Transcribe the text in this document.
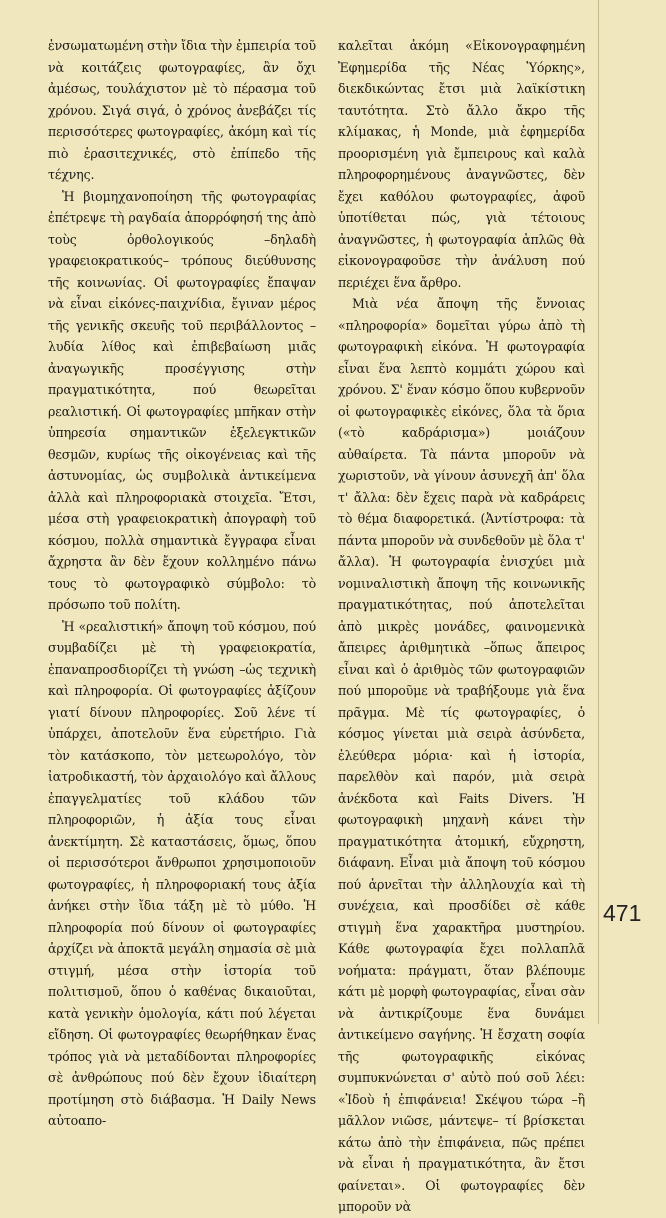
ἐνσωματωμένη στὴν ἴδια τὴν ἐμπειρία τοῦ νὰ κοιτάζεις φωτογραφίες, ἂν ὄχι ἀμέσως, τουλάχιστον μὲ τὸ πέρασμα τοῦ χρόνου. Σιγά σιγά, ὁ χρόνος ἀνεβάζει τίς περισσότερες φωτογραφίες, ἀκόμη καὶ τίς πιὸ ἐρασιτεχνικές, στὸ ἐπίπεδο τῆς τέχνης.

Ἡ βιομηχανοποίηση τῆς φωτογραφίας ἐπέτρεψε τὴ ραγδαία ἀπορρόφησή της ἀπὸ τοὺς ὀρθολογικούς –δηλαδὴ γραφειοκρατικούς– τρόπους διεύθυνσης τῆς κοινωνίας. Οἱ φωτογραφίες ἔπαψαν νὰ εἶναι εἰκόνες-παιχνίδια, ἔγιναν μέρος τῆς γενικῆς σκευῆς τοῦ περιβάλλοντος –λυδία λίθος καὶ ἐπιβεβαίωση μιᾶς ἀναγωγικῆς προσέγγισης στὴν πραγματικότητα, πού θεωρεῖται ρεαλιστική. Οἱ φωτογραφίες μπῆκαν στὴν ὑπηρεσία σημαντικῶν ἐξελεγκτικῶν θεσμῶν, κυρίως τῆς οἰκογένειας καὶ τῆς ἀστυνομίας, ὡς συμβολικὰ ἀντικείμενα ἀλλὰ καὶ πληροφοριακὰ στοιχεῖα. Ἔτσι, μέσα στὴ γραφειοκρατικὴ ἀπογραφὴ τοῦ κόσμου, πολλὰ σημαντικὰ ἔγγραφα εἶναι ἄχρηστα ἂν δὲν ἔχουν κολλημένο πάνω τους τὸ φωτογραφικὸ σύμβολο: τὸ πρόσωπο τοῦ πολίτη.

Ἡ «ρεαλιστική» ἄποψη τοῦ κόσμου, πού συμβαδίζει μὲ τὴ γραφειοκρατία, ἐπαναπροσδιορίζει τὴ γνώση –ὡς τεχνικὴ καὶ πληροφορία. Οἱ φωτογραφίες ἀξίζουν γιατί δίνουν πληροφορίες. Σοῦ λένε τί ὑπάρχει, ἀποτελοῦν ἕνα εὑρετήριο. Γιὰ τὸν κατάσκοπο, τὸν μετεωρολόγο, τὸν ἰατροδικαστή, τὸν ἀρχαιολόγο καὶ ἄλλους ἐπαγγελματίες τοῦ κλάδου τῶν πληροφοριῶν, ἡ ἀξία τους εἶναι ἀνεκτίμητη. Σὲ καταστάσεις, ὅμως, ὅπου οἱ περισσότεροι ἄνθρωποι χρησιμοποιοῦν φωτογραφίες, ἡ πληροφοριακή τους ἀξία ἀνήκει στὴν ἴδια τάξη μὲ τὸ μύθο. Ἡ πληροφορία πού δίνουν οἱ φωτογραφίες ἀρχίζει νὰ ἀποκτᾶ μεγάλη σημασία σὲ μιὰ στιγμή, μέσα στὴν ἱστορία τοῦ πολιτισμοῦ, ὅπου ὁ καθένας δικαιοῦται, κατὰ γενικὴν ὁμολογία, κάτι πού λέγεται εἴδηση. Οἱ φωτογραφίες θεωρήθηκαν ἕνας τρόπος γιὰ νὰ μεταδίδονται πληροφορίες σὲ ἀνθρώπους πού δὲν ἔχουν ἰδιαίτερη προτίμηση στὸ διάβασμα. Ἡ Daily News αὐτοαπο-

καλεῖται ἀκόμη «Εἰκονογραφημένη Ἐφημερίδα τῆς Νέας Ὑόρκης», διεκδικώντας ἔτσι μιὰ λαϊκίστικη ταυτότητα. Στὸ ἄλλο ἄκρο τῆς κλίμακας, ἡ Monde, μιὰ ἐφημερίδα προορισμένη γιὰ ἔμπειρους καὶ καλὰ πληροφορημένους ἀναγνῶστες, δὲν ἔχει καθόλου φωτογραφίες, ἀφοῦ ὑποτίθεται πώς, γιὰ τέτοιους ἀναγνῶστες, ἡ φωτογραφία ἁπλῶς θὰ εἰκονογραφοῦσε τὴν ἀνάλυση πού περιέχει ἕνα ἄρθρο.

Μιὰ νέα ἄποψη τῆς ἔννοιας «πληροφορία» δομεῖται γύρω ἀπὸ τὴ φωτογραφικὴ εἰκόνα. Ἡ φωτογραφία εἶναι ἕνα λεπτὸ κομμάτι χώρου καὶ χρόνου. Σ' ἕναν κόσμο ὅπου κυβερνοῦν οἱ φωτογραφικὲς εἰκόνες, ὅλα τὰ ὅρια («τὸ καδράρισμα») μοιάζουν αὐθαίρετα. Τὰ πάντα μποροῦν νὰ χωριστοῦν, νὰ γίνουν ἀσυνεχῆ ἀπ' ὅλα τ' ἄλλα: δὲν ἔχεις παρὰ νὰ καδράρεις τὸ θέμα διαφορετικά. (Ἀντίστροφα: τὰ πάντα μποροῦν νὰ συνδεθοῦν μὲ ὅλα τ' ἄλλα). Ἡ φωτογραφία ἐνισχύει μιὰ νομιναλιστικὴ ἄποψη τῆς κοινωνικῆς πραγματικότητας, πού ἀποτελεῖται ἀπὸ μικρὲς μονάδες, φαινομενικὰ ἄπειρες ἀριθμητικὰ –ὅπως ἄπειρος εἶναι καὶ ὁ ἀριθμὸς τῶν φωτογραφιῶν πού μποροῦμε νὰ τραβήξουμε γιὰ ἕνα πρᾶγμα. Μὲ τίς φωτογραφίες, ὁ κόσμος γίνεται μιὰ σειρὰ ἀσύνδετα, ἐλεύθερα μόρια· καὶ ἡ ἱστορία, παρελθὸν καὶ παρόν, μιὰ σειρὰ ἀνέκδοτα καὶ Faits Divers. Ἡ φωτογραφικὴ μηχανὴ κάνει τὴν πραγματικότητα ἀτομική, εὔχρηστη, διάφανη. Εἶναι μιὰ ἄποψη τοῦ κόσμου πού ἀρνεῖται τὴν ἀλληλουχία καὶ τὴ συνέχεια, καὶ προσδίδει σὲ κάθε στιγμὴ ἕνα χαρακτῆρα μυστηρίου. Κάθε φωτογραφία ἔχει πολλαπλᾶ νοήματα: πράγματι, ὅταν βλέπουμε κάτι μὲ μορφὴ φωτογραφίας, εἶναι σὰν νὰ ἀντικρίζουμε ἕνα δυνάμει ἀντικείμενο σαγήνης. Ἡ ἔσχατη σοφία τῆς φωτογραφικῆς εἰκόνας συμπυκνώνεται σ' αὐτὸ πού σοῦ λέει: «Ἰδοὺ ἡ ἐπιφάνεια! Σκέψου τώρα –ἢ μᾶλλον νιῶσε, μάντεψε– τί βρίσκεται κάτω ἀπὸ τὴν ἐπιφάνεια, πῶς πρέπει νὰ εἶναι ἡ πραγματικότητα, ἂν ἔτσι φαίνεται». Οἱ φωτογραφίες δὲν μποροῦν νὰ

471
